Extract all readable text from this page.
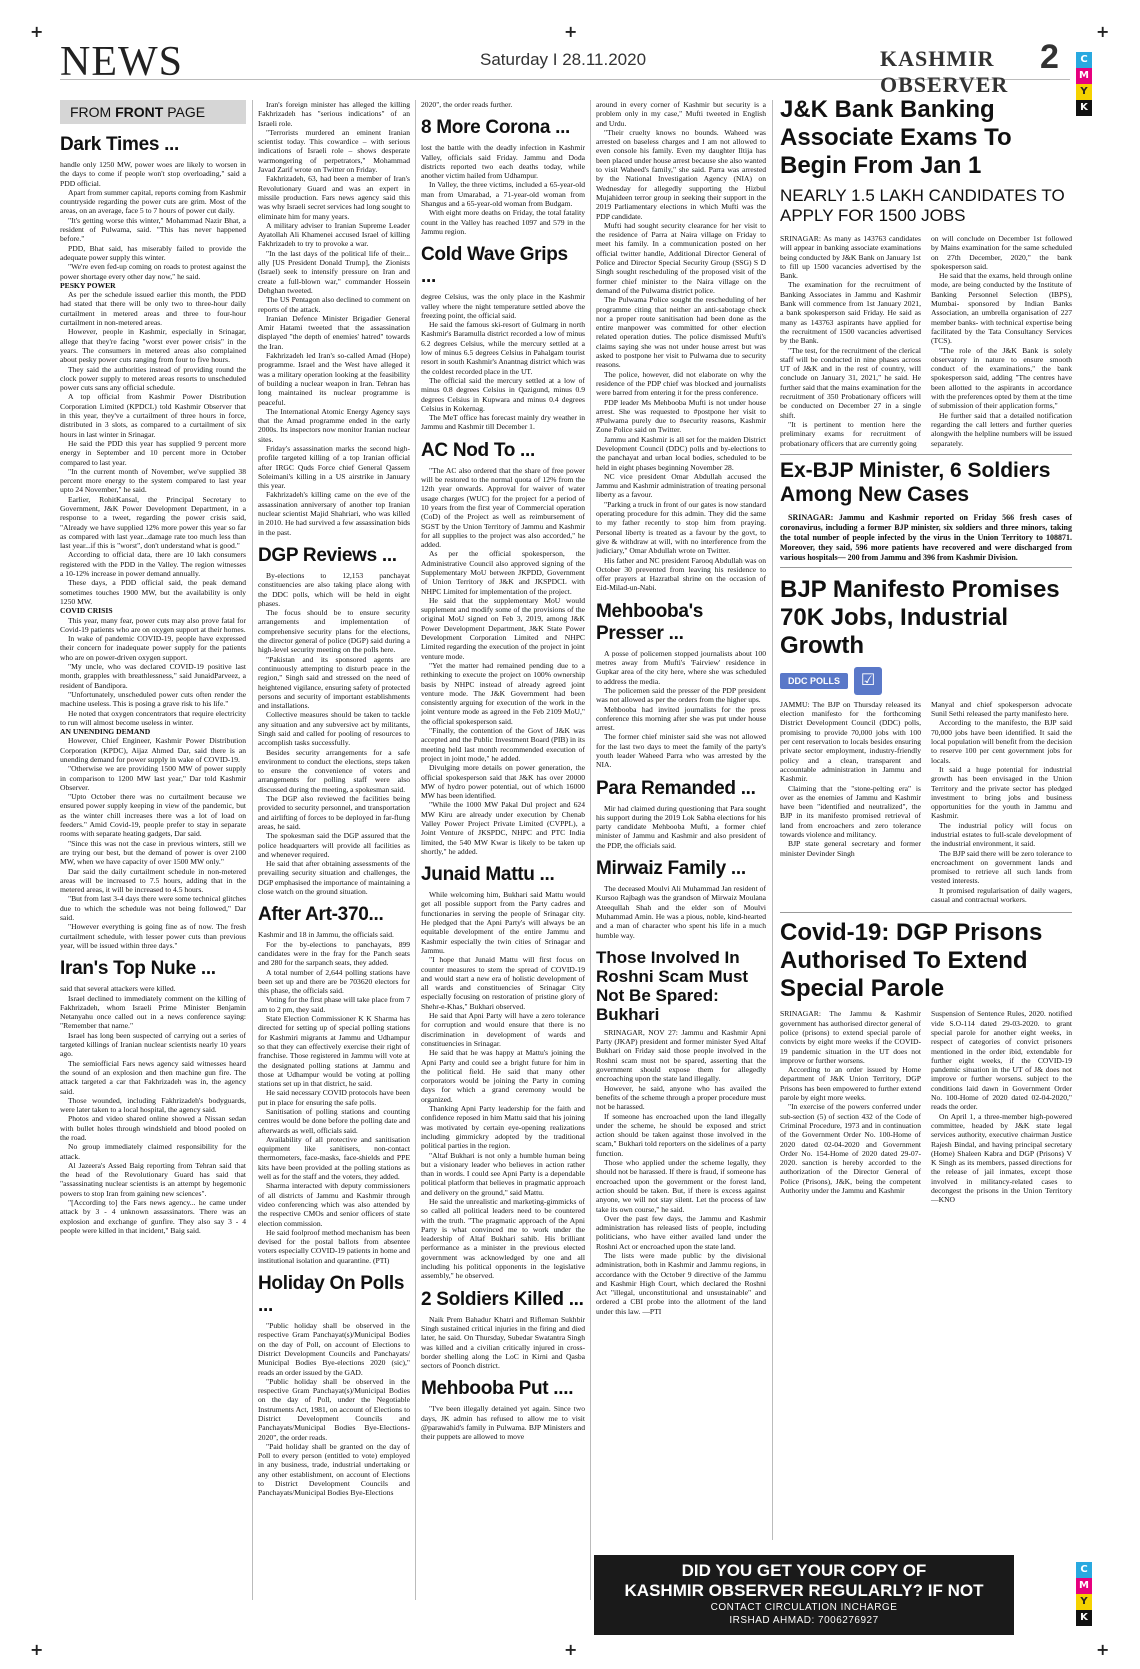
+	+	+
+	+	+
NEWS	Saturday I 28.11.2020	KASHMIR OBSERVER
2	C
M
Y
K
C
M
Y
K
FROM FRONT PAGE
Dark Times ...

handle only 1250 MW, power woes are likely to worsen in the days to come if people won't stop overloading," said a PDD official.

Apart from summer capital, reports coming from Kashmir countryside regarding the power cuts are grim. Most of the areas, on an average, face 5 to 7 hours of power cut daily.

"It's getting worse this winter," Mohammad Nazir Bhat, a resident of Pulwama, said. "This has never happened before."

PDD, Bhat said, has miserably failed to provide the adequate power supply this winter.

"We're even fed-up coming on roads to protest against the power shortage every other day now," he said.

PESKY POWER

As per the schedule issued earlier this month, the PDD had stated that there will be only two to three-hour daily curtailment in metered areas and three to four-hour curtailment in non-metered areas.

However, people in Kashmir, especially in Srinagar, allege that they're facing "worst ever power crisis" in the years. The consumers in metered areas also complained about pesky power cuts ranging from four to five hours.

They said the authorities instead of providing round the clock power supply to metered areas resorts to unscheduled power cuts sans any official schedule.

A top official from Kashmir Power Distribution Corporation Limited (KPDCL) told Kashmir Observer that in this year, they've a curtailment of three hours in force, distributed in 3 slots, as compared to a curtailment of six hours in last winter in Srinagar.

He said the PDD this year has supplied 9 percent more energy in September and 10 percent more in October compared to last year.

"In the current month of November, we've supplied 38 percent more energy to the system compared to last year upto 24 November," he said.

Earlier, RohitKansal, the Principal Secretary to Government, J&K Power Development Department, in a response to a tweet, regarding the power crisis said, "Already we have supplied 12% more power this year so far as compared with last year...damage rate too much less than last year...if this is "worst", don't understand what is good."

According to official data, there are 10 lakh consumers registered with the PDD in the Valley. The region witnesses a 10-12% increase in power demand annually.

These days, a PDD official said, the peak demand sometimes touches 1900 MW, but the availability is only 1250 MW.

COVID CRISIS

This year, many fear, power cuts may also prove fatal for Covid-19 patients who are on oxygen support at their homes.

In wake of pandemic COVID-19, people have expressed their concern for inadequate power supply for the patients who are on power-driven oxygen support.

"My uncle, who was declared COVID-19 positive last month, grapples with breathlessness," said JunaidParveez, a resident of Bandipora.

"Unfortunately, unscheduled power cuts often render the machine useless. This is posing a grave risk to his life."

He noted that oxygen concentrators that require electricity to run will almost become useless in winter.

AN UNENDING DEMAND

However, Chief Engineer, Kashmir Power Distribution Corporation (KPDC), Aijaz Ahmed Dar, said there is an unending demand for power supply in wake of COVID-19.

"Otherwise we are providing 1500 MW of power supply in comparison to 1200 MW last year," Dar told Kashmir Observer.

"Upto October there was no curtailment because we ensured power supply keeping in view of the pandemic, but as the winter chill increases there was a lot of load on feeders." Amid Covid-19, people prefer to stay in separate rooms with separate heating gadgets, Dar said.

"Since this was not the case in previous winters, still we are trying our best, but the demand of power is over 2100 MW, when we have capacity of over 1500 MW only."

Dar said the daily curtailment schedule in non-metered areas will be increased to 7.5 hours, adding that in the metered areas, it will be increased to 4.5 hours.

"But from last 3-4 days there were some technical glitches due to which the schedule was not being followed," Dar said.

"However everything is going fine as of now. The fresh curtailment schedule, with lesser power cuts than previous year, will be issued within three days."

Iran's Top Nuke ...

said that several attackers were killed.

Israel declined to immediately comment on the killing of Fakhrizadeh, whom Israeli Prime Minister Benjamin Netanyahu once called out in a news conference saying: "Remember that name."

Israel has long been suspected of carrying out a series of targeted killings of Iranian nuclear scientists nearly 10 years ago.

The semiofficial Fars news agency said witnesses heard the sound of an explosion and then machine gun fire. The attack targeted a car that Fakhrizadeh was in, the agency said.

Those wounded, including Fakhrizadeh's bodyguards, were later taken to a local hospital, the agency said.

Photos and video shared online showed a Nissan sedan with bullet holes through windshield and blood pooled on the road.

No group immediately claimed responsibility for the attack.

Al Jazeera's Assed Baig reporting from Tehran said that the head of the Revolutionary Guard has said that "assassinating nuclear scientists is an attempt by hegemonic powers to stop Iran from gaining new sciences".

"[According to] the Fars news agency... he came under attack by 3 - 4 unknown assassinators. There was an explosion and exchange of gunfire. They also say 3 - 4 people were killed in that incident," Baig said.

Iran's foreign minister has alleged the killing Fakhrizadeh has "serious indications" of an Israeli role.

"Terrorists murdered an eminent Iranian scientist today. This cowardice – with serious indications of Israeli role – shows desperate warmongering of perpetrators," Mohammad Javad Zarif wrote on Twitter on Friday.

Fakhrizadeh, 63, had been a member of Iran's Revolutionary Guard and was an expert in missile production. Fars news agency said this was why Israeli secret services had long sought to eliminate him for many years.

A military adviser to Iranian Supreme Leader Ayatollah Ali Khamenei accused Israel of killing Fakhrizadeh to try to provoke a war.

"In the last days of the political life of their... ally [US President Donald Trump], the Zionists (Israel) seek to intensify pressure on Iran and create a full-blown war," commander Hossein Dehghan tweeted.

The US Pentagon also declined to comment on reports of the attack.

Iranian Defence Minister Brigadier General Amir Hatami tweeted that the assassination displayed "the depth of enemies' hatred" towards the Iran.

Fakhrizadeh led Iran's so-called Amad (Hope) programme. Israel and the West have alleged it was a military operation looking at the feasibility of building a nuclear weapon in Iran. Tehran has long maintained its nuclear programme is peaceful.

The International Atomic Energy Agency says that the Amad programme ended in the early 2000s. Its inspectors now monitor Iranian nuclear sites.

Friday's assassination marks the second high-profile targeted killing of a top Iranian official after IRGC Quds Force chief General Qassem Soleimani's killing in a US airstrike in January this year.

Fakhrizadeh's killing came on the eve of the assassination anniversary of another top Iranian nuclear scientist Majid Shahriari, who was killed in 2010. He had survived a few assassination bids in the past.

DGP Reviews ...

By-elections to 12,153 panchayat constituencies are also taking place along with the DDC polls, which will be held in eight phases.

The focus should be to ensure security arrangements and implementation of comprehensive security plans for the elections, the director general of police (DGP) said during a high-level security meeting on the polls here.

"Pakistan and its sponsored agents are continuously attempting to disturb peace in the region," Singh said and stressed on the need of heightened vigilance, ensuring safety of protected persons and security of important establishments and installations.

Collective measures should be taken to tackle any situation and any subversive act by militants, Singh said and called for pooling of resources to accomplish tasks successfully.

Besides security arrangements for a safe environment to conduct the elections, steps taken to ensure the convenience of voters and arrangements for polling staff were also discussed during the meeting, a spokesman said.

The DGP also reviewed the facilities being provided to security personnel, and transportation and airlifting of forces to be deployed in far-flung areas, he said.

The spokesman said the DGP assured that the police headquarters will provide all facilities as and whenever required.

He said that after obtaining assessments of the prevailing security situation and challenges, the DGP emphasised the importance of maintaining a close watch on the ground situation.

After Art-370...

Kashmir and 18 in Jammu, the officials said.

For the by-elections to panchayats, 899 candidates were in the fray for the Panch seats and 280 for the sarpanch seats, they added.

A total number of 2,644 polling stations have been set up and there are be 703620 electors for this phase, the officials said.

Voting for the first phase will take place from 7 am to 2 pm, they said.

State Election Commissioner K K Sharma has directed for setting up of special polling stations for Kashmiri migrants at Jammu and Udhampur so that they can effectively exercise their right of franchise. Those registered in Jammu will vote at the designated polling stations at Jammu and those at Udhampur would be voting at polling stations set up in that district, he said.

He said necessary COVID protocols have been put in place for ensuring the safe polls.

Sanitisation of polling stations and counting centres would be done before the polling date and afterwards as well, officials said.

Availability of all protective and sanitisation equipment like sanitisers, non-contact thermometers, face-masks, face-shields and PPE kits have been provided at the polling stations as well as for the staff and the voters, they added.

Sharma interacted with deputy commissioners of all districts of Jammu and Kashmir through video conferencing which was also attended by the respective CMOs and senior officers of state election commission.

He said foolproof method mechanism has been devised for the postal ballots from absentee voters especially COVID-19 patients in home and institutional isolation and quarantine. (PTI)

Holiday On Polls ...

"Public holiday shall be observed in the respective Gram Panchayat(s)/Municipal Bodies on the day of Poll, on account of Elections to District Development Councils and Panchayats/ Municipal Bodies Bye-elections 2020 (sic)," reads an order issued by the GAD.

"Public holiday shall be observed in the respective Gram Panchayat(s)/Municipal Bodies on the day of Poll, under the Negotiable Instruments Act, 1981, on account of Elections to District Development Councils and Panchayats/Municipal Bodies Bye-Elections-2020", the order reads.

"Paid holiday shall be granted on the day of Poll to every person (entitled to vote) employed in any business, trade, industrial undertaking or any other establishment, on account of Elections to District Development Councils and Panchayats/Municipal Bodies Bye-Elections

2020", the order reads further.

8 More Corona ...

lost the battle with the deadly infection in Kashmir Valley, officials said Friday. Jammu and Doda districts reported two each deaths today, while another victim hailed from Udhampur.

In Valley, the three victims, included a 65-year-old man from Umarabad, a 71-year-old woman from Shangus and a 65-year-old woman from Budgam.

With eight more deaths on Friday, the total fatality count in the Valley has reached 1097 and 579 in the Jammu region.

Cold Wave Grips ...

degree Celsius, was the only place in the Kashmir valley where the night temperature settled above the freezing point, the official said.

He said the famous ski-resort of Gulmarg in north Kashmir's Baramulla district recorded a low of minus 6.2 degrees Celsius, while the mercury settled at a low of minus 6.5 degrees Celsius in Pahalgam tourist resort in south Kashmir's Anantnag district which was the coldest recorded place in the UT.

The official said the mercury settled at a low of minus 0.8 degrees Celsius in Qazigund, minus 0.9 degrees Celsius in Kupwara and minus 0.4 degrees Celsius in Kokernag.

The MeT office has forecast mainly dry weather in Jammu and Kashmir till December 1.

AC Nod To ...

"The AC also ordered that the share of free power will be restored to the normal quota of 12% from the 12th year onwards. Approval for waiver of water usage charges (WUC) for the project for a period of 10 years from the first year of Commercial operation (CoD) of the Project as well as reimbursement of SGST by the Union Territory of Jammu and Kashmir for all supplies to the project was also accorded," he added.

As per the official spokesperson, the Administrative Council also approved signing of the Supplementary MoU between JKPDD, Government of Union Territory of J&K and JKSPDCL with NHPC Limited for implementation of the project.

He said that the supplementary MoU would supplement and modify some of the provisions of the original MoU signed on Feb 3, 2019, among J&K Power Development Department, J&K State Power Development Corporation Limited and NHPC Limited regarding the execution of the project in joint venture mode.

"Yet the matter had remained pending due to a rethinking to execute the project on 100% ownership basis by NHPC instead of already agreed joint venture mode. The J&K Government had been consistently arguing for execution of the work in the joint venture mode as agreed in the Feb 2109 MoU," the official spokesperson said.

"Finally, the contention of the Govt of J&K was accepted and the Public Investment Board (PIB) in its meeting held last month recommended execution of project in joint mode," he added.

Divulging more details on power generation, the official spokesperson said that J&K has over 20000 MW of hydro power potential, out of which 16000 MW has been identified.

"While the 1000 MW Pakal Dul project and 624 MW Kiru are already under execution by Chenab Valley Power Project Private Limited (CVPPL), a Joint Venture of JKSPDC, NHPC and PTC India limited, the 540 MW Kwar is likely to be taken up shortly," he added.

Junaid Mattu ...

While welcoming him, Bukhari said Mattu would get all possible support from the Party cadres and functionaries in serving the people of Srinagar city. He pledged that the Apni Party's will always be an equitable development of the entire Jammu and Kashmir especially the twin cities of Srinagar and Jammu.

"I hope that Junaid Mattu will first focus on counter measures to stem the spread of COVID-19 and would start a new era of holistic development of all wards and constituencies of Srinagar City especially focusing on restoration of pristine glory of Shehr-e-Khas," Bukhari observed.

He said that Apni Party will have a zero tolerance for corruption and would ensure that there is no discrimination in development of wards and constituencies in Srinagar.

He said that he was happy at Mattu's joining the Apni Party and could see a bright future for him in the political field. He said that many other corporators would be joining the Party in coming days for which a grand ceremony would be organized.

Thanking Apni Party leadership for the faith and confidence reposed in him Mattu said that his joining was motivated by certain eye-opening realizations including gimmickry adopted by the traditional political parties in the region.

"Altaf Bukhari is not only a humble human being but a visionary leader who believes in action rather than in words. I could see Apni Party is a dependable political platform that believes in pragmatic approach and delivery on the ground," said Mattu.

He said the unrealistic and marketing-gimmicks of so called all political leaders need to be countered with the truth. "The pragmatic approach of the Apni Party is what convinced me to work under the leadership of Altaf Bukhari sahib. His brilliant performance as a minister in the previous elected government was acknowledged by one and all including his political opponents in the legislative assembly," he observed.

2 Soldiers Killed ...

Naik Prem Bahadur Khatri and Rifleman Sukhbir Singh sustained critical injuries in the firing and died later, he said. On Thursday, Subedar Swatantra Singh was killed and a civilian critically injured in cross-border shelling along the LoC in Kirni and Qasba sectors of Poonch district.

Mehbooba Put ....

"I've been illegally detained yet again. Since two days, JK admin has refused to allow me to visit @parawahid's family in Pulwama. BJP Ministers and their puppets are allowed to move

around in every corner of Kashmir but security is a problem only in my case," Mufti tweeted in English and Urdu.

"Their cruelty knows no bounds. Waheed was arrested on baseless charges and I am not allowed to even console his family. Even my daughter Iltija has been placed under house arrest because she also wanted to visit Waheed's family," she said. Parra was arrested by the National Investigation Agency (NIA) on Wednesday for allegedly supporting the Hizbul Mujahideen terror group in seeking their support in the 2019 Parliamentary elections in which Mufti was the PDP candidate.

Mufti had sought security clearance for her visit to the residence of Parra at Naira village on Friday to meet his family. In a communication posted on her official twitter handle, Additional Director General of Police and Director Special Security Group (SSG) S D Singh sought rescheduling of the proposed visit of the former chief minister to the Naira village on the demand of the Pulwama district police.

The Pulwama Police sought the rescheduling of her programme citing that neither an anti-sabotage check nor a proper route sanitisation had been done as the entire manpower was committed for other election related operation duties. The police dismissed Mufti's claims saying she was not under house arrest but was asked to postpone her visit to Pulwama due to security reasons.

The police, however, did not elaborate on why the residence of the PDP chief was blocked and journalists were barred from entering it for the press conference.

PDP leader Ms Mehbooba Mufti is not under house arrest. She was requested to #postpone her visit to #Pulwama purely due to #security reasons, Kashmir Zone Police said on Twitter.

Jammu and Kashmir is all set for the maiden District Development Council (DDC) polls and by-elections to the panchayat and urban local bodies, scheduled to be held in eight phases beginning November 28.

NC vice president Omar Abdullah accused the Jammu and Kashmir administration of treating personal liberty as a favour.

"Parking a truck in front of our gates is now standard operating procedure for this admin. They did the same to my father recently to stop him from praying. Personal liberty is treated as a favour by the govt, to give & withdraw at will, with no interference from the judiciary," Omar Abdullah wrote on Twitter.

His father and NC president Farooq Abdullah was on October 30 prevented from leaving his residence to offer prayers at Hazratbal shrine on the occasion of Eid-Milad-un-Nabi.

Mehbooba's Presser ...

A posse of policemen stopped journalists about 100 metres away from Mufti's 'Fairview' residence in Gupkar area of the city here, where she was scheduled to address the media.

The policemen said the presser of the PDP president was not allowed as per the orders from the higher ups.

Mehbooba had invited journalists for the press conference this morning after she was put under house arrest.

The former chief minister said she was not allowed for the last two days to meet the family of the party's youth leader Waheed Parra who was arrested by the NIA.

Para Remanded ...

Mir had claimed during questioning that Para sought his support during the 2019 Lok Sabha elections for his party candidate Mehbooba Mufti, a former chief minister of Jammu and Kashmir and also president of the PDP, the officials said.

Mirwaiz Family ...

The deceased Moulvi Ali Muhammad Jan resident of Kursoo Rajbagh was the grandson of Mirwaiz Moulana Ateequllah Shah and the elder son of Moulvi Muhammad Amin. He was a pious, noble, kind-hearted and a man of character who spent his life in a much humble way.

Those Involved In Roshni Scam Must Not Be Spared: Bukhari

SRINAGAR, NOV 27: Jammu and Kashmir Apni Party (JKAP) president and former minister Syed Altaf Bukhari on Friday said those people involved in the Roshni scam must not be spared, asserting that the government should expose them for allegedly encroaching upon the state land illegally.

However, he said, anyone who has availed the benefits of the scheme through a proper procedure must not be harassed.

If someone has encroached upon the land illegally under the scheme, he should be exposed and strict action should be taken against those involved in the scam," Bukhari told reporters on the sidelines of a party function.

Those who applied under the scheme legally, they should not be harassed. If there is fraud, if someone has encroached upon the government or the forest land, action should be taken. But, if there is excess against anyone, we will not stay silent. Let the process of law take its own course," he said.

Over the past few days, the Jammu and Kashmir administration has released lists of people, including politicians, who have either availed land under the Roshni Act or encroached upon the state land.

The lists were made public by the divisional administration, both in Kashmir and Jammu regions, in accordance with the October 9 directive of the Jammu and Kashmir High Court, which declared the Roshni Act "illegal, unconstitutional and unsustainable" and ordered a CBI probe into the allotment of the land under this law. —PTI

J&K Bank Banking Associate Exams To Begin From Jan 1
NEARLY 1.5 LAKH CANDIDATES TO APPLY FOR 1500 JOBS

SRINAGAR: As many as 143763 candidates will appear in banking associate examinations being conducted by J&K Bank on January 1st to fill up 1500 vacancies advertised by the Bank.

The examination for the recruitment of Banking Associates in Jammu and Kashmir Bank will commence from 1st January 2021, a bank spokesperson said Friday. He said as many as 143763 aspirants have applied for the recruitment of 1500 vacancies advertised by the Bank.

"The test, for the recruitment of the clerical staff will be conducted in nine phases across UT of J&K and in the rest of country, will conclude on January 31, 2021," he said. He further said that the mains examination for the recruitment of 350 Probationary officers will be conducted on December 27 in a single shift.

"It is pertinent to mention here the preliminary exams for recruitment of probationary officers that are currently going

on will conclude on December 1st followed by Mains examination for the same scheduled on 27th December, 2020," the bank spokesperson said.

He said that the exams, held through online mode, are being conducted by the Institute of Banking Personnel Selection (IBPS), Mumbai- sponsored by Indian Banks Association, an umbrella organisation of 227 member banks- with technical expertise being facilitated by the Tata Consultancy Services (TCS).

"The role of the J&K Bank is solely observatory in nature to ensure smooth conduct of the examinations," the bank spokesperson said, adding "The centres have been allotted to the aspirants in accordance with the preferences opted by them at the time of submission of their application forms,"

He further said that a detailed notification regarding the call letters and further queries alongwith the helpline numbers will be issued separately.

Ex-BJP Minister, 6 Soldiers Among New Cases

SRINAGAR: Jammu and Kashmir reported on Friday 566 fresh cases of coronavirus, including a former BJP minister, six soldiers and three minors, taking the total number of people infected by the virus in the Union Territory to 108871. Moreover, they said, 596 more patients have recovered and were discharged from various hospitals— 200 from Jammu and 396 from Kashmir Division.

BJP Manifesto Promises 70K Jobs, Industrial Growth
DDC POLLS	☑

JAMMU: The BJP on Thursday released its election manifesto for the forthcoming District Development Council (DDC) polls, promising to provide 70,000 jobs with 100 per cent reservation to locals besides ensuring private sector employment, industry-friendly policy and a clean, transparent and accountable administration in Jammu and Kashmir.

Claiming that the "stone-pelting era" is over as the enemies of Jammu and Kashmir have been "identified and neutralized", the BJP in its manifesto promised retrieval of land from encroachers and zero tolerance towards violence and militancy.

BJP state general secretary and former minister Devinder Singh

Manyal and chief spokesperson advocate Sunil Sethi released the party manifesto here.

According to the manifesto, the BJP said 70,000 jobs have been identified. It said the local population will benefit from the decision to reserve 100 per cent government jobs for locals.

It said a huge potential for industrial growth has been envisaged in the Union Territory and the private sector has pledged investment to bring jobs and business opportunities for the youth in Jammu and Kashmir.

The industrial policy will focus on industrial estates to full-scale development of the industrial environment, it said.

The BJP said there will be zero tolerance to encroachment on government lands and promised to retrieve all such lands from vested interests.

It promised regularisation of daily wagers, casual and contractual workers.

Covid-19: DGP Prisons Authorised To Extend Special Parole

SRINAGAR: The Jammu & Kashmir government has authorised director general of police (prisons) to extend special parole of convicts by eight more weeks if the COVID-19 pandemic situation in the UT does not improve or further worsens.

According to an order issued by Home department of J&K Union Territory, DGP Prisons has been empowered to further extend parole by eight more weeks.

"In exercise of the powers conferred under sub-section (5) of section 432 of the Code of Criminal Procedure, 1973 and in continuation of the Government Order No. 100-Home of 2020 dated 02-04-2020 and Government Order No. 154-Home of 2020 dated 29-07-2020. sanction is hereby accorded to the authorization of the Director General of Police (Prisons), J&K, being the competent Authority under the Jammu and Kashmir

Suspension of Sentence Rules, 2020. notified vide S.O-114 dated 29-03-2020. to grant special parole for another eight weeks, in respect of categories of convict prisoners mentioned in the order ibid, extendable for further eight weeks, if the COVID-19 pandemic situation in the UT of J& does not improve or further worsens. subject to the conditions laid dawn in Government Order No. 100-Home of 2020 dated 02-04-2020," reads the order.

On April 1, a three-member high-powered committee, headed by J&K state legal services authority, executive chairman Justice Rajesh Bindal, and having principal secretary (Home) Shaleen Kabra and DGP (Prisons) V K Singh as its members, passed directions for the release of jail inmates, except those involved in militancy-related cases to decongest the prisons in the Union Territory—KNO

DID YOU GET YOUR COPY OF
KASHMIR OBSERVER REGULARLY? IF NOT
CONTACT CIRCULATION INCHARGE
IRSHAD AHMAD: 7006276927
